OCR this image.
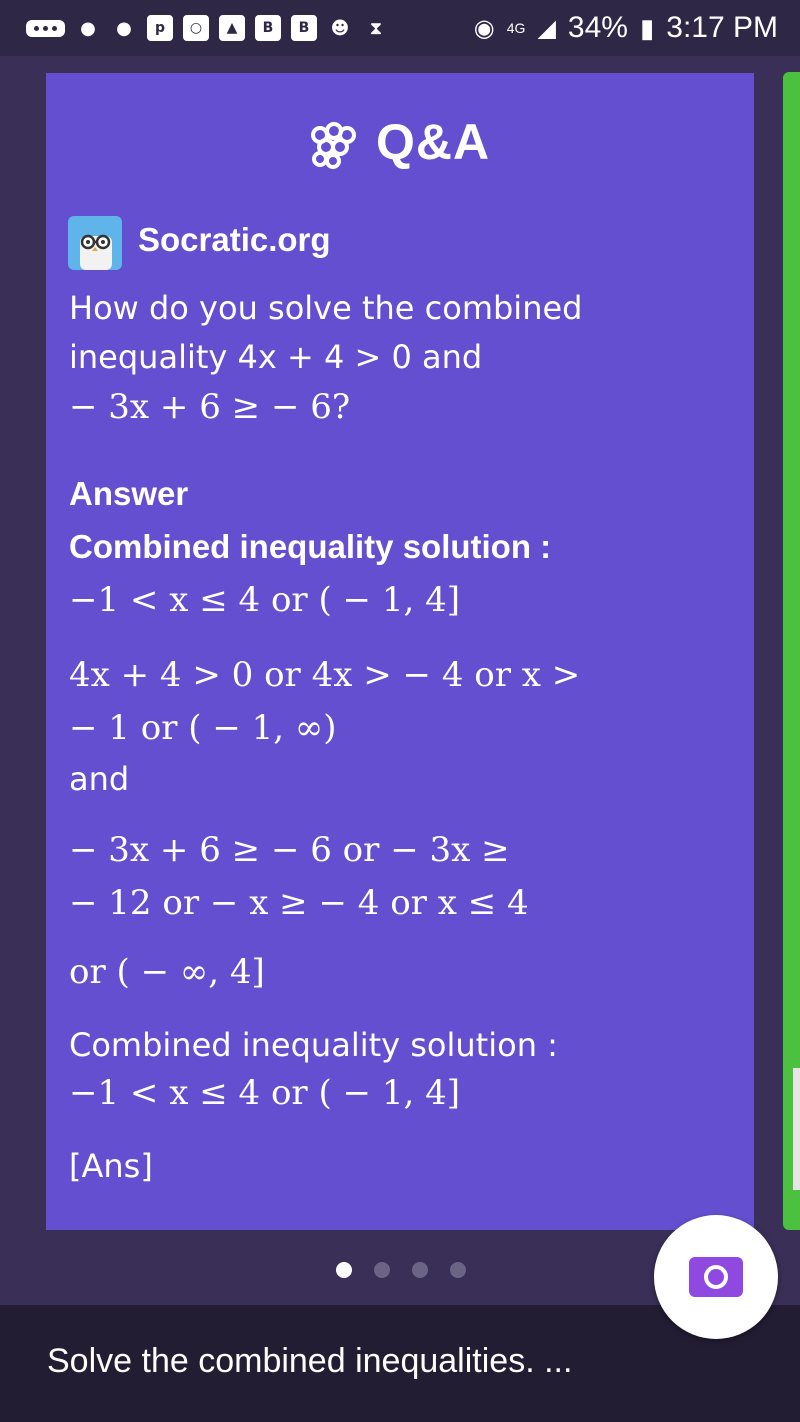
● ●	p	○	▲	B	B	☻	⧗	◉ 4G ◢ 34% ▮ 3:17 PM
Q&A
Socratic.org
How do you solve the combined
inequality 4x + 4 > 0 and
− 3x + 6 ≥ − 6?
Answer
Combined inequality solution :
−1 < x ≤ 4 or ( − 1, 4]
4x + 4 > 0 or 4x > − 4 or x >
− 1 or ( − 1, ∞)
and
− 3x + 6 ≥ − 6 or − 3x ≥
− 12 or − x ≥ − 4 or x ≤ 4
or ( − ∞, 4]
Combined inequality solution :
−1 < x ≤ 4 or ( − 1, 4]
[Ans]
Solve the combined inequalities. ...
